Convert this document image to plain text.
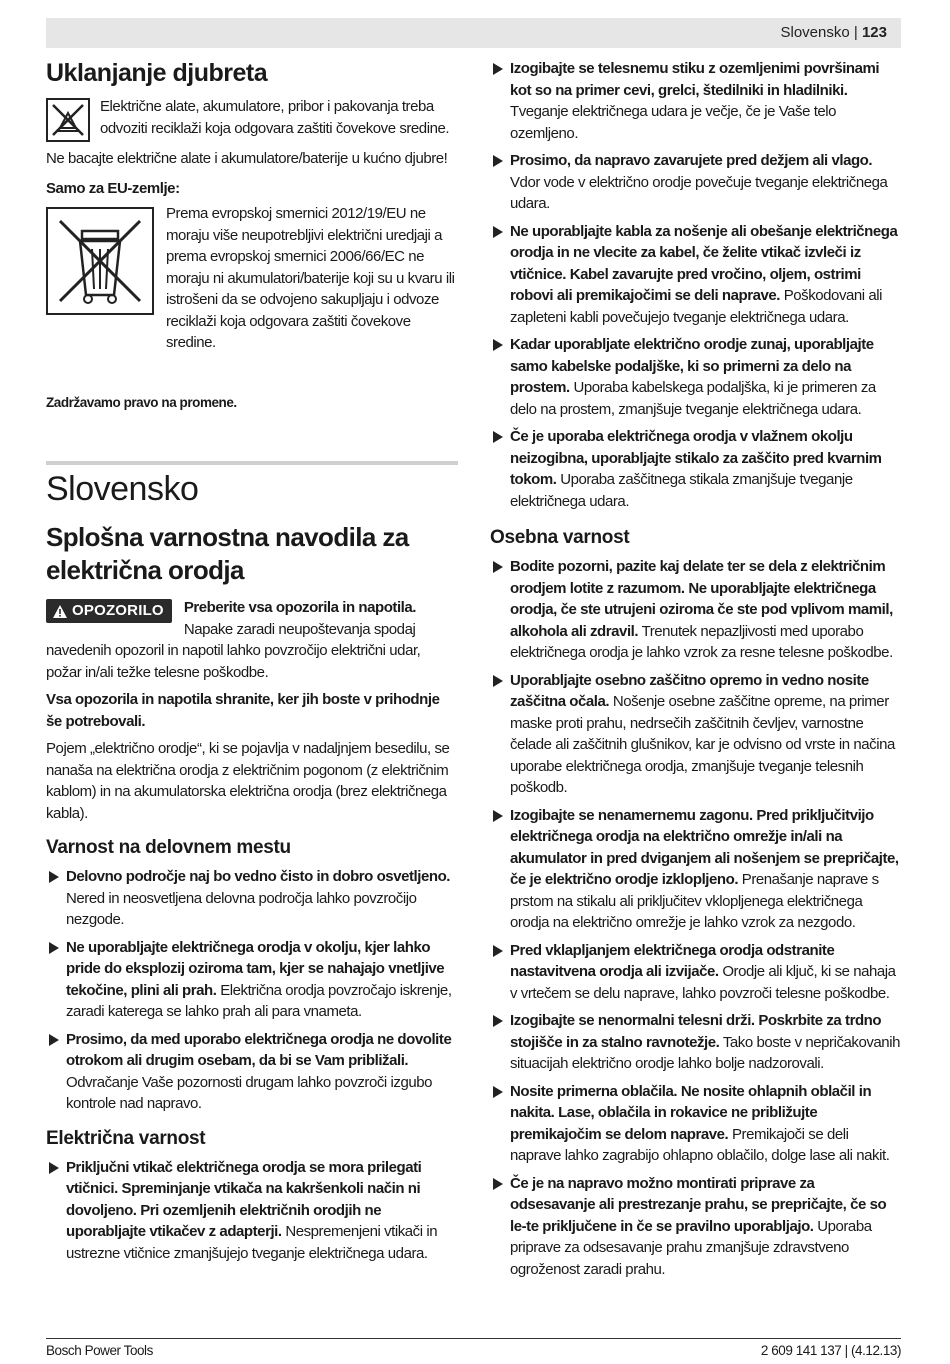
Slovensko | 123
Uklanjanje djubreta

Električne alate, akumulatore, pribor i pakovanja treba odvoziti reciklaži koja odgovara zaštiti čovekove sredine.

Ne bacajte električne alate i akumulatore/baterije u kućno djubre!

Samo za EU-zemlje:

Prema evropskoj smernici 2012/19/EU ne moraju više neupotrebljivi električni uredjaji a prema evropskoj smernici 2006/66/EC ne moraju ni akumulatori/baterije koji su u kvaru ili istrošeni da se odvojeno sakupljaju i odvoze reciklaži koja odgovara zaštiti čovekove sredine.

Zadržavamo pravo na promene.

Slovensko
Splošna varnostna navodila za električna orodja
OPOZORILO	Preberite vsa opozorila in napotila. Napake zaradi neupoštevanja spodaj navedenih opozoril in napotil lahko povzročijo električni udar, požar in/ali težke telesne poškodbe.

Vsa opozorila in napotila shranite, ker jih boste v prihodnje še potrebovali.

Pojem „električno orodje“, ki se pojavlja v nadaljnjem besedilu, se nanaša na električna orodja z električnim pogonom (z električnim kablom) in na akumulatorska električna orodja (brez električnega kabla).

Varnost na delovnem mestu
Delovno področje naj bo vedno čisto in dobro osvetljeno. Nered in neosvetljena delovna področja lahko povzročijo nezgode.
Ne uporabljajte električnega orodja v okolju, kjer lahko pride do eksplozij oziroma tam, kjer se nahajajo vnetljive tekočine, plini ali prah. Električna orodja povzročajo iskrenje, zaradi katerega se lahko prah ali para vnameta.
Prosimo, da med uporabo električnega orodja ne dovolite otrokom ali drugim osebam, da bi se Vam približali. Odvračanje Vaše pozornosti drugam lahko povzroči izgubo kontrole nad napravo.
Električna varnost
Priključni vtikač električnega orodja se mora prilegati vtičnici. Spreminjanje vtikača na kakršenkoli način ni dovoljeno. Pri ozemljenih električnih orodjih ne uporabljajte vtikačev z adapterji. Nespremenjeni vtikači in ustrezne vtičnice zmanjšujejo tveganje električnega udara.
Izogibajte se telesnemu stiku z ozemljenimi površinami kot so na primer cevi, grelci, štedilniki in hladilniki. Tveganje električnega udara je večje, če je Vaše telo ozemljeno.
Prosimo, da napravo zavarujete pred dežjem ali vlago. Vdor vode v električno orodje povečuje tveganje električnega udara.
Ne uporabljajte kabla za nošenje ali obešanje električnega orodja in ne vlecite za kabel, če želite vtikač izvleči iz vtičnice. Kabel zavarujte pred vročino, oljem, ostrimi robovi ali premikajočimi se deli naprave. Poškodovani ali zapleteni kabli povečujejo tveganje električnega udara.
Kadar uporabljate električno orodje zunaj, uporabljajte samo kabelske podaljške, ki so primerni za delo na prostem. Uporaba kabelskega podaljška, ki je primeren za delo na prostem, zmanjšuje tveganje električnega udara.
Če je uporaba električnega orodja v vlažnem okolju neizogibna, uporabljajte stikalo za zaščito pred kvarnim tokom. Uporaba zaščitnega stikala zmanjšuje tveganje električnega udara.
Osebna varnost
Bodite pozorni, pazite kaj delate ter se dela z električnim orodjem lotite z razumom. Ne uporabljajte električnega orodja, če ste utrujeni oziroma če ste pod vplivom mamil, alkohola ali zdravil. Trenutek nepazljivosti med uporabo električnega orodja je lahko vzrok za resne telesne poškodbe.
Uporabljajte osebno zaščitno opremo in vedno nosite zaščitna očala. Nošenje osebne zaščitne opreme, na primer maske proti prahu, nedrsečih zaščitnih čevljev, varnostne čelade ali zaščitnih glušnikov, kar je odvisno od vrste in načina uporabe električnega orodja, zmanjšuje tveganje telesnih poškodb.
Izogibajte se nenamernemu zagonu. Pred priključitvijo električnega orodja na električno omrežje in/ali na akumulator in pred dviganjem ali nošenjem se prepričajte, če je električno orodje izklopljeno. Prenašanje naprave s prstom na stikalu ali priključitev vklopljenega električnega orodja na električno omrežje je lahko vzrok za nezgodo.
Pred vklapljanjem električnega orodja odstranite nastavitvena orodja ali izvijače. Orodje ali ključ, ki se nahaja v vrtečem se delu naprave, lahko povzroči telesne poškodbe.
Izogibajte se nenormalni telesni drži. Poskrbite za trdno stojišče in za stalno ravnotežje. Tako boste v nepričakovanih situacijah električno orodje lahko bolje nadzorovali.
Nosite primerna oblačila. Ne nosite ohlapnih oblačil in nakita. Lase, oblačila in rokavice ne približujte premikajočim se delom naprave. Premikajoči se deli naprave lahko zagrabijo ohlapno oblačilo, dolge lase ali nakit.
Če je na napravo možno montirati priprave za odsesavanje ali prestrezanje prahu, se prepričajte, če so le-te priključene in če se pravilno uporabljajo. Uporaba priprave za odsesavanje prahu zmanjšuje zdravstveno ogroženost zaradi prahu.
Bosch Power Tools	2 609 141 137 | (4.12.13)
